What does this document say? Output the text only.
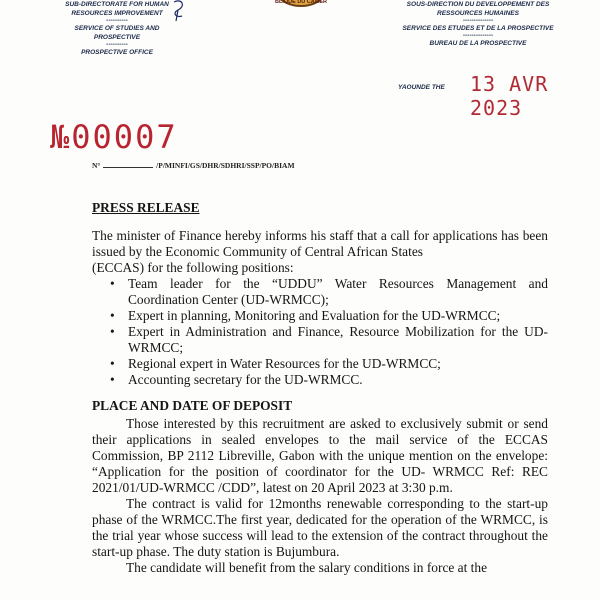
SUB-DIRECTORATE FOR HUMAN
RESOURCES IMPROVEMENT
----------
SERVICE OF STUDIES AND
PROSPECTIVE
----------
PROSPECTIVE OFFICE
BLIQUE DU CAMER	SOUS-DIRECTION DU DEVELOPPEMENT DES
RESSOURCES HUMAINES
--------------
SERVICE DES ETUDES ET DE LA PROSPECTIVE
--------------
BUREAU DE LA PROSPECTIVE
YAOUNDE THE 13 AVR 2023
№00007
N°	/P/MINFI/GS/DHR/SDHRI/SSP/PO/BIAM
PRESS RELEASE

The minister of Finance hereby informs his staff that a call for applications has been issued by the Economic Community of Central African States

(ECCAS) for the following positions:

• Team leader for the “UDDU” Water Resources Management and Coordination Center (UD-WRMCC);
• Expert in planning, Monitoring and Evaluation for the UD-WRMCC;
• Expert in Administration and Finance, Resource Mobilization for the UD-WRMCC;
• Regional expert in Water Resources for the UD-WRMCC;
• Accounting secretary for the UD-WRMCC.
PLACE AND DATE OF DEPOSIT

Those interested by this recruitment are asked to exclusively submit or send their applications in sealed envelopes to the mail service of the ECCAS Commission, BP 2112 Libreville, Gabon with the unique mention on the envelope: “Application for the position of coordinator for the UD- WRMCC Ref: REC 2021/01/UD-WRMCC /CDD”, latest on 20 April 2023 at 3:30 p.m.

The contract is valid for 12months renewable corresponding to the start-up phase of the WRMCC.The first year, dedicated for the operation of the WRMCC, is the trial year whose success will lead to the extension of the contract throughout the start-up phase. The duty station is Bujumbura.

The candidate will benefit from the salary conditions in force at the
